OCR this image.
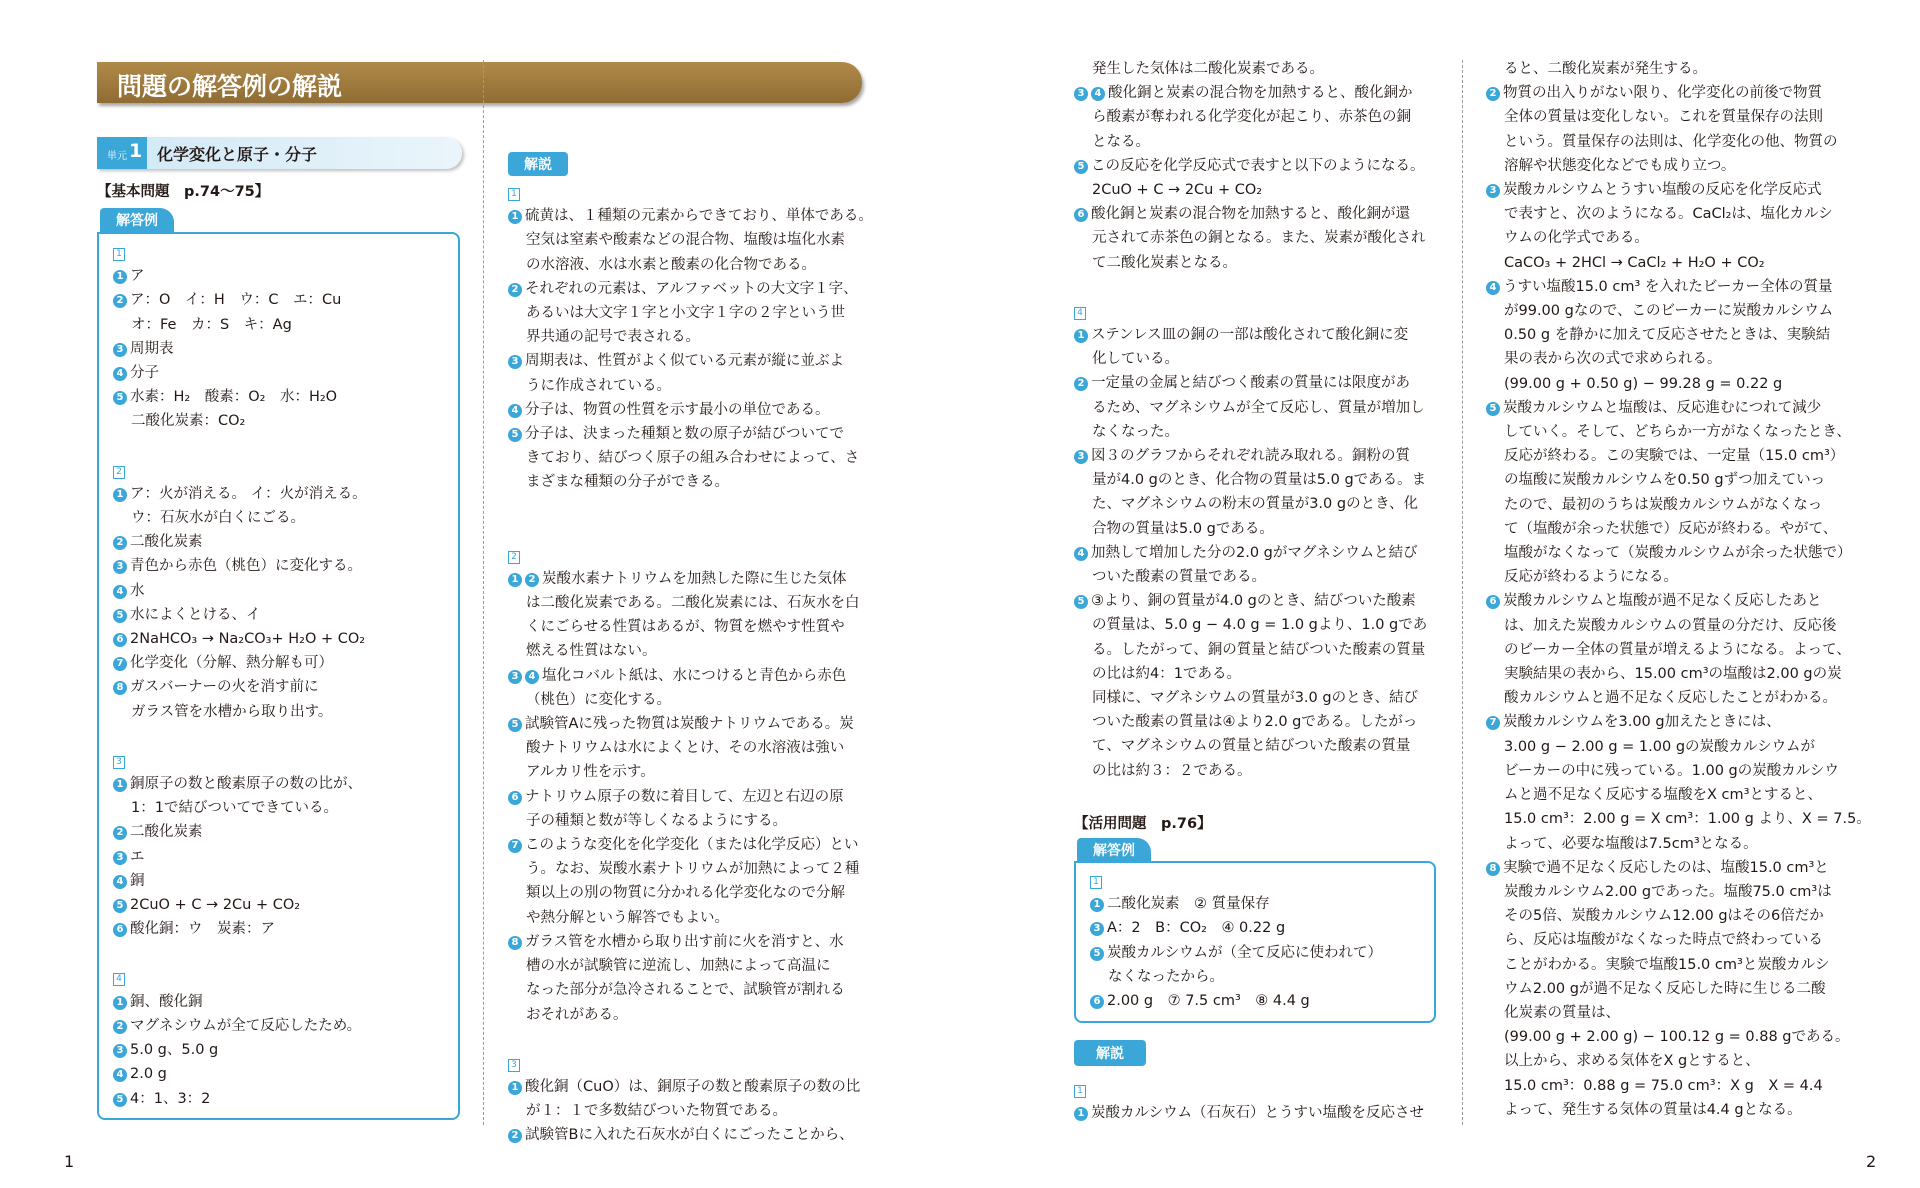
問題の解答例の解説
単元 1 化学変化と原子・分子
【基本問題　p.74〜75】
解答例
1
1 ア
2 ア：O　イ：H　ウ：C　エ：Cu
オ：Fe　カ：S　キ：Ag
3 周期表
4 分子
5 水素：H₂　酸素：O₂　水：H₂O
二酸化炭素：CO₂
2
1 ア：火が消える。 イ：火が消える。
ウ：石灰水が白くにごる。
2 二酸化炭素
3 青色から赤色（桃色）に変化する。
4 水
5 水によくとける、イ
6 2NaHCO₃ → Na₂CO₃+ H₂O + CO₂
7 化学変化（分解、熱分解も可）
8 ガスバーナーの火を消す前に
ガラス管を水槽から取り出す。
3
1 銅原子の数と酸素原子の数の比が、
1：1で結びついてできている。
2 二酸化炭素
3 エ
4 銅
5 2CuO + C → 2Cu + CO₂
6 酸化銅：ウ　炭素：ア
4
1 銅、酸化銅
2 マグネシウムが全て反応したため。
3 5.0 g、5.0 g
4 2.0 g
5 4：1、3：2
解説
1
1 硫黄は、１種類の元素からできており、単体である。
空気は窒素や酸素などの混合物、塩酸は塩化水素
の水溶液、水は水素と酸素の化合物である。
2 それぞれの元素は、アルファベットの大文字１字、
あるいは大文字１字と小文字１字の２字という世
界共通の記号で表される。
3 周期表は、性質がよく似ている元素が縦に並ぶよ
うに作成されている。
4 分子は、物質の性質を示す最小の単位である。
5 分子は、決まった種類と数の原子が結びついてで
きており、結びつく原子の組み合わせによって、さ
まざまな種類の分子ができる。
2
1 2 炭酸水素ナトリウムを加熱した際に生じた気体
は二酸化炭素である。二酸化炭素には、石灰水を白
くにごらせる性質はあるが、物質を燃やす性質や
燃える性質はない。
3 4 塩化コバルト紙は、水につけると青色から赤色
（桃色）に変化する。
5 試験管Aに残った物質は炭酸ナトリウムである。炭
酸ナトリウムは水によくとけ、その水溶液は強い
アルカリ性を示す。
6 ナトリウム原子の数に着目して、左辺と右辺の原
子の種類と数が等しくなるようにする。
7 このような変化を化学変化（または化学反応）とい
う。なお、炭酸水素ナトリウムが加熱によって２種
類以上の別の物質に分かれる化学変化なので分解
や熱分解という解答でもよい。
8 ガラス管を水槽から取り出す前に火を消すと、水
槽の水が試験管に逆流し、加熱によって高温に
なった部分が急冷されることで、試験管が割れる
おそれがある。
3
1 酸化銅（CuO）は、銅原子の数と酸素原子の数の比
が１：１で多数結びついた物質である。
2 試験管Bに入れた石灰水が白くにごったことから、
発生した気体は二酸化炭素である。
3 4 酸化銅と炭素の混合物を加熱すると、酸化銅か
ら酸素が奪われる化学変化が起こり、赤茶色の銅
となる。
5 この反応を化学反応式で表すと以下のようになる。
2CuO + C → 2Cu + CO₂
6 酸化銅と炭素の混合物を加熱すると、酸化銅が還
元されて赤茶色の銅となる。また、炭素が酸化され
て二酸化炭素となる。
4
1 ステンレス皿の銅の一部は酸化されて酸化銅に変
化している。
2 一定量の金属と結びつく酸素の質量には限度があ
るため、マグネシウムが全て反応し、質量が増加し
なくなった。
3 図３のグラフからそれぞれ読み取れる。銅粉の質
量が4.0 gのとき、化合物の質量は5.0 gである。ま
た、マグネシウムの粉末の質量が3.0 gのとき、化
合物の質量は5.0 gである。
4 加熱して増加した分の2.0 gがマグネシウムと結び
ついた酸素の質量である。
5 ③より、銅の質量が4.0 gのとき、結びついた酸素
の質量は、5.0 g − 4.0 g = 1.0 gより、1.0 gであ
る。したがって、銅の質量と結びついた酸素の質量
の比は約4：1である。
同様に、マグネシウムの質量が3.0 gのとき、結び
ついた酸素の質量は④より2.0 gである。したがっ
て、マグネシウムの質量と結びついた酸素の質量
の比は約３：２である。
【活用問題　p.76】
解答例
1
1 二酸化炭素　② 質量保存
3 A：2　B：CO₂　④ 0.22 g
5 炭酸カルシウムが（全て反応に使われて）
なくなったから。
6 2.00 g　⑦ 7.5 cm³　⑧ 4.4 g
解説
1
1 炭酸カルシウム（石灰石）とうすい塩酸を反応させ
ると、二酸化炭素が発生する。
2 物質の出入りがない限り、化学変化の前後で物質
全体の質量は変化しない。これを質量保存の法則
という。質量保存の法則は、化学変化の他、物質の
溶解や状態変化などでも成り立つ。
3 炭酸カルシウムとうすい塩酸の反応を化学反応式
で表すと、次のようになる。CaCl₂は、塩化カルシ
ウムの化学式である。
CaCO₃ + 2HCl → CaCl₂ + H₂O + CO₂
4 うすい塩酸15.0 cm³ を入れたビーカー全体の質量
が99.00 gなので、このビーカーに炭酸カルシウム
0.50 g を静かに加えて反応させたときは、実験結
果の表から次の式で求められる。
(99.00 g + 0.50 g) − 99.28 g = 0.22 g
5 炭酸カルシウムと塩酸は、反応進むにつれて減少
していく。そして、どちらか一方がなくなったとき、
反応が終わる。この実験では、一定量（15.0 cm³）
の塩酸に炭酸カルシウムを0.50 gずつ加えていっ
たので、最初のうちは炭酸カルシウムがなくなっ
て（塩酸が余った状態で）反応が終わる。やがて、
塩酸がなくなって（炭酸カルシウムが余った状態で）
反応が終わるようになる。
6 炭酸カルシウムと塩酸が過不足なく反応したあと
は、加えた炭酸カルシウムの質量の分だけ、反応後
のビーカー全体の質量が増えるようになる。よって、
実験結果の表から、15.00 cm³の塩酸は2.00 gの炭
酸カルシウムと過不足なく反応したことがわかる。
7 炭酸カルシウムを3.00 g加えたときには、
3.00 g − 2.00 g = 1.00 gの炭酸カルシウムが
ビーカーの中に残っている。1.00 gの炭酸カルシウ
ムと過不足なく反応する塩酸をX cm³とすると、
15.0 cm³：2.00 g = X cm³：1.00 g より、X = 7.5。
よって、必要な塩酸は7.5cm³となる。
8 実験で過不足なく反応したのは、塩酸15.0 cm³と
炭酸カルシウム2.00 gであった。塩酸75.0 cm³は
その5倍、炭酸カルシウム12.00 gはその6倍だか
ら、反応は塩酸がなくなった時点で終わっている
ことがわかる。実験で塩酸15.0 cm³と炭酸カルシ
ウム2.00 gが過不足なく反応した時に生じる二酸
化炭素の質量は、
(99.00 g + 2.00 g) − 100.12 g = 0.88 gである。
以上から、求める気体をX gとすると、
15.0 cm³：0.88 g = 75.0 cm³：X g　X = 4.4
よって、発生する気体の質量は4.4 gとなる。
1	2
